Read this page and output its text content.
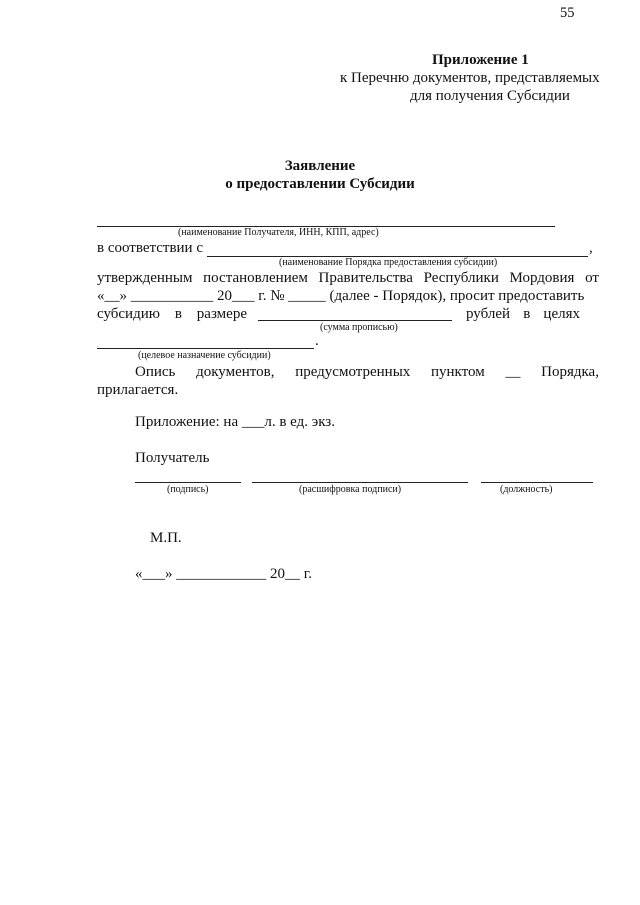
55
Приложение 1
к Перечню документов, представляемых
для получения Субсидии
Заявление
о предоставлении Субсидии
(наименование Получателя, ИНН, КПП, адрес)
в соответствии с	,
(наименование Порядка предоставления субсидии)
утвержденным постановлением Правительства Республики Мордовия от
«__» ___________ 20___ г. № _____ (далее - Порядок), просит предоставить
субсидию в размере	рублей в целях
(сумма прописью)
.
(целевое назначение субсидии)
Опись документов, предусмотренных пунктом __ Порядка,
прилагается.
Приложение: на ___л. в ед. экз.
Получатель
(подпись)	(расшифровка подписи)	(должность)
М.П.
«___» ____________ 20__ г.
